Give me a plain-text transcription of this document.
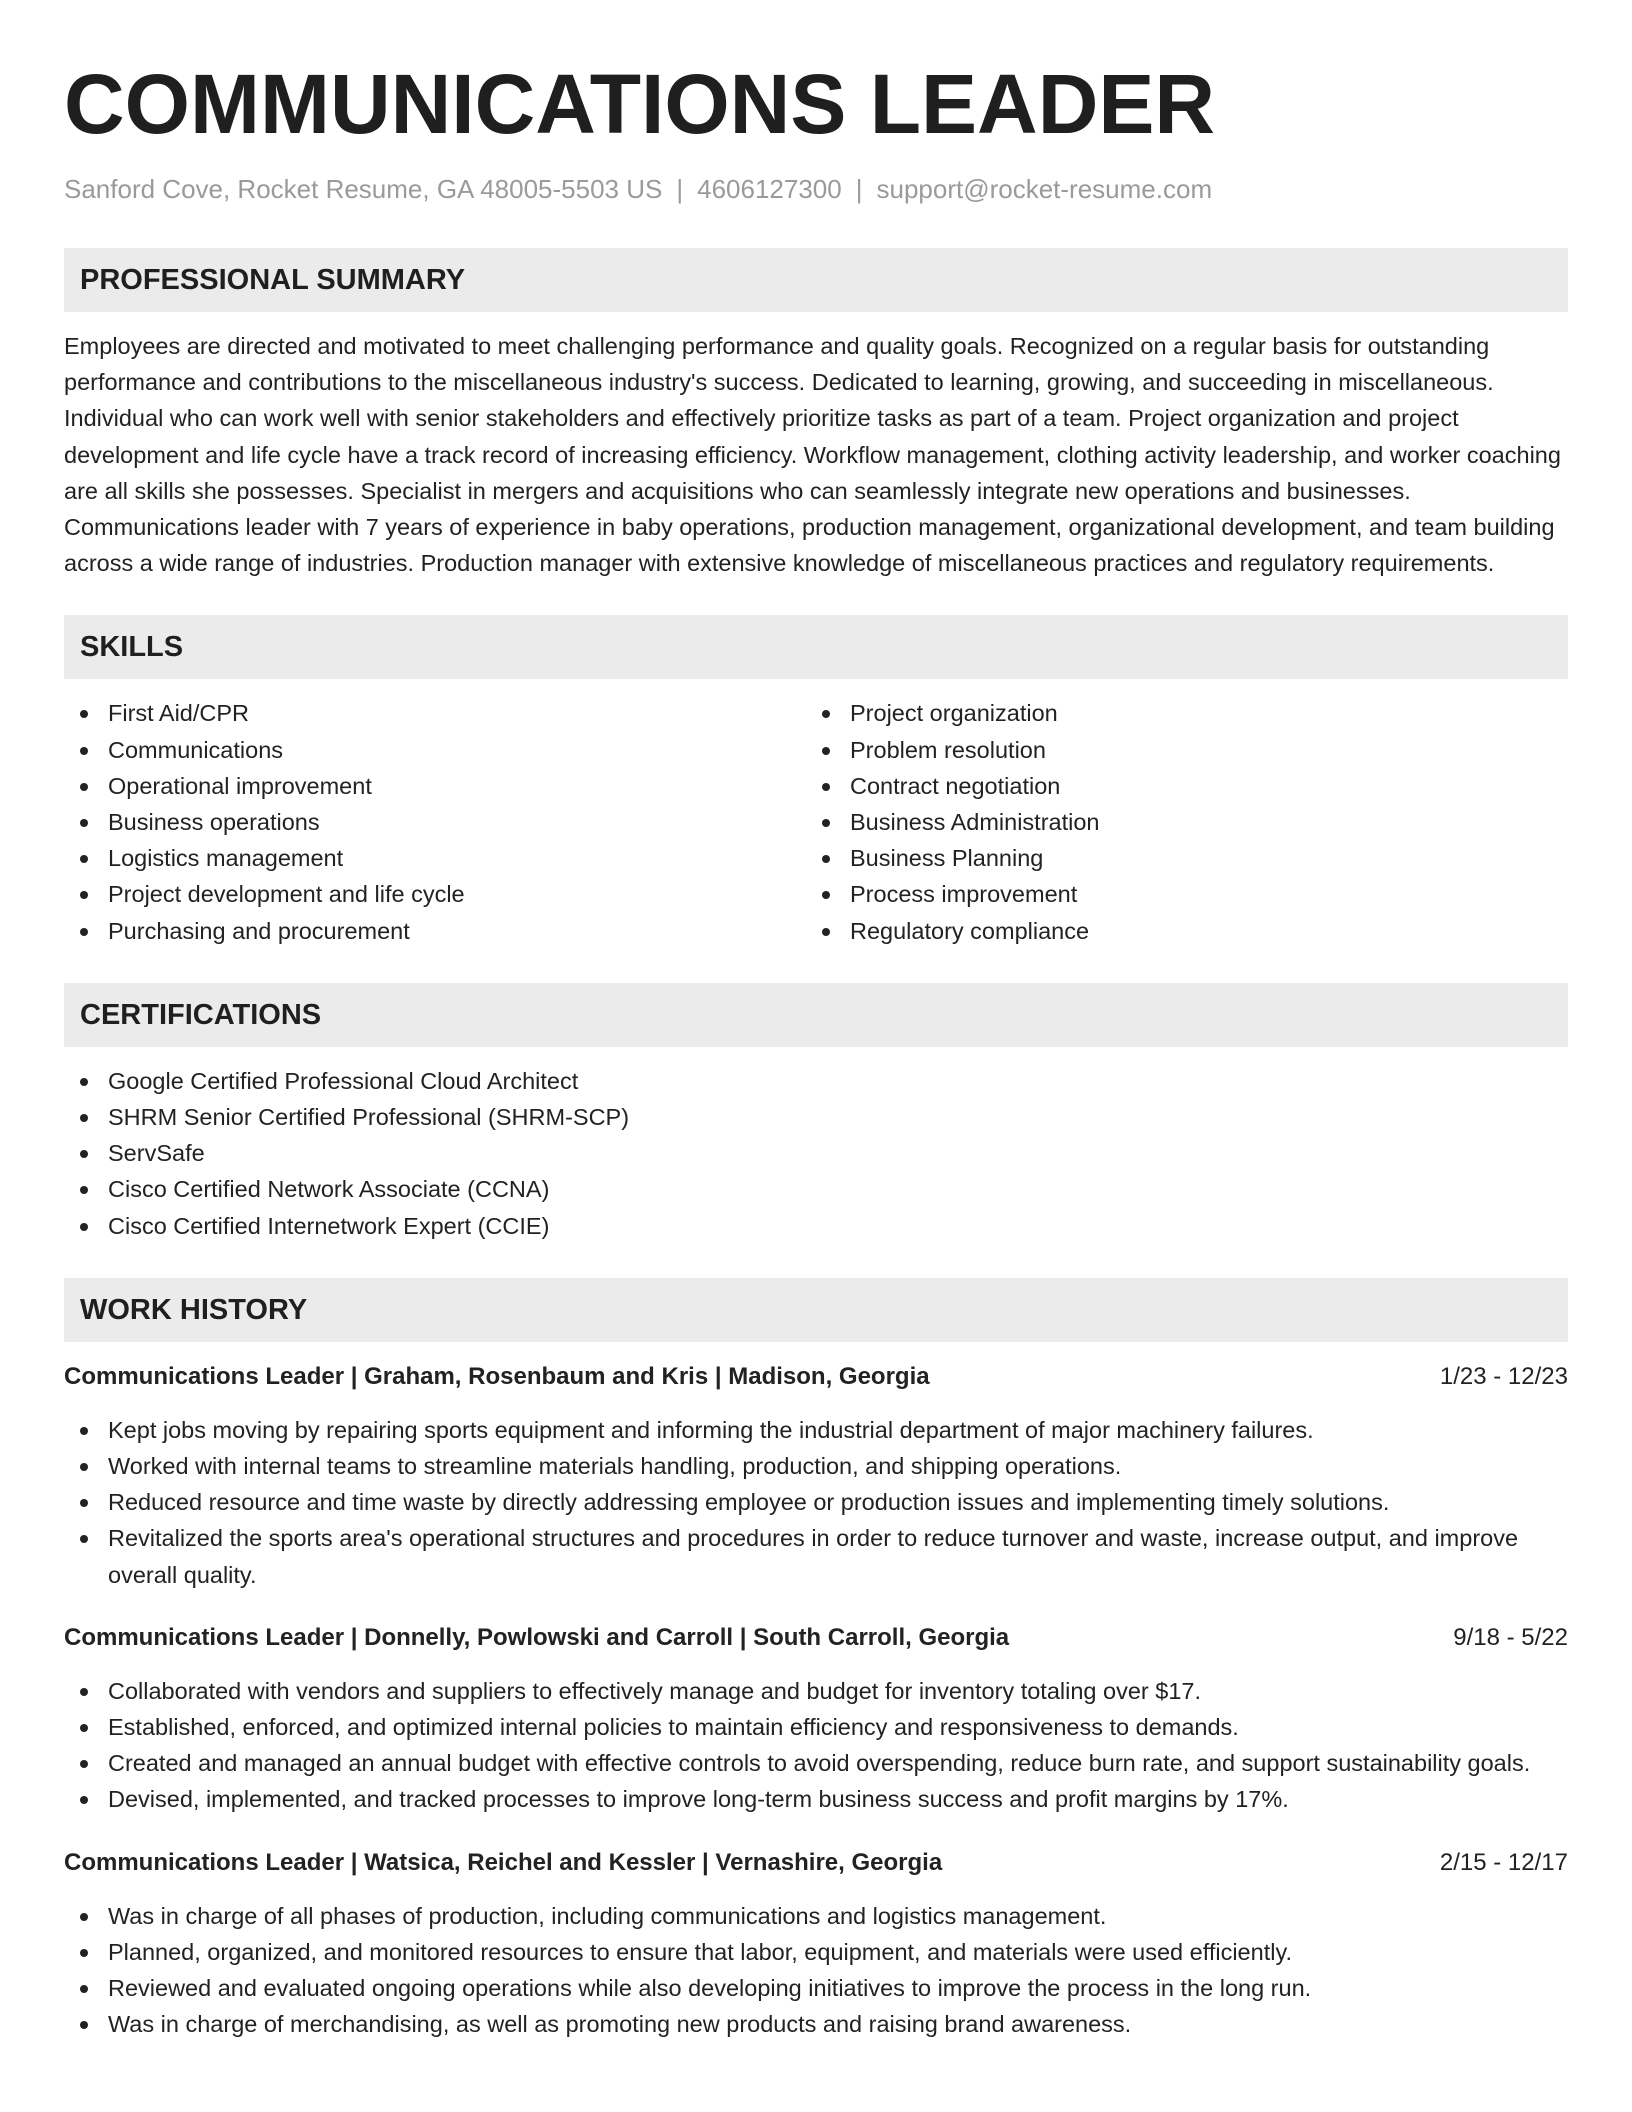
COMMUNICATIONS LEADER
Sanford Cove, Rocket Resume, GA 48005-5503 US | 4606127300 | support@rocket-resume.com
PROFESSIONAL SUMMARY
Employees are directed and motivated to meet challenging performance and quality goals. Recognized on a regular basis for outstanding performance and contributions to the miscellaneous industry's success. Dedicated to learning, growing, and succeeding in miscellaneous. Individual who can work well with senior stakeholders and effectively prioritize tasks as part of a team. Project organization and project development and life cycle have a track record of increasing efficiency. Workflow management, clothing activity leadership, and worker coaching are all skills she possesses. Specialist in mergers and acquisitions who can seamlessly integrate new operations and businesses. Communications leader with 7 years of experience in baby operations, production management, organizational development, and team building across a wide range of industries. Production manager with extensive knowledge of miscellaneous practices and regulatory requirements.
SKILLS
First Aid/CPR
Communications
Operational improvement
Business operations
Logistics management
Project development and life cycle
Purchasing and procurement
Project organization
Problem resolution
Contract negotiation
Business Administration
Business Planning
Process improvement
Regulatory compliance
CERTIFICATIONS
Google Certified Professional Cloud Architect
SHRM Senior Certified Professional (SHRM-SCP)
ServSafe
Cisco Certified Network Associate (CCNA)
Cisco Certified Internetwork Expert (CCIE)
WORK HISTORY
Communications Leader | Graham, Rosenbaum and Kris | Madison, Georgia	1/23 - 12/23
Kept jobs moving by repairing sports equipment and informing the industrial department of major machinery failures.
Worked with internal teams to streamline materials handling, production, and shipping operations.
Reduced resource and time waste by directly addressing employee or production issues and implementing timely solutions.
Revitalized the sports area's operational structures and procedures in order to reduce turnover and waste, increase output, and improve overall quality.
Communications Leader | Donnelly, Powlowski and Carroll | South Carroll, Georgia	9/18 - 5/22
Collaborated with vendors and suppliers to effectively manage and budget for inventory totaling over $17.
Established, enforced, and optimized internal policies to maintain efficiency and responsiveness to demands.
Created and managed an annual budget with effective controls to avoid overspending, reduce burn rate, and support sustainability goals.
Devised, implemented, and tracked processes to improve long-term business success and profit margins by 17%.
Communications Leader | Watsica, Reichel and Kessler | Vernashire, Georgia	2/15 - 12/17
Was in charge of all phases of production, including communications and logistics management.
Planned, organized, and monitored resources to ensure that labor, equipment, and materials were used efficiently.
Reviewed and evaluated ongoing operations while also developing initiatives to improve the process in the long run.
Was in charge of merchandising, as well as promoting new products and raising brand awareness.
